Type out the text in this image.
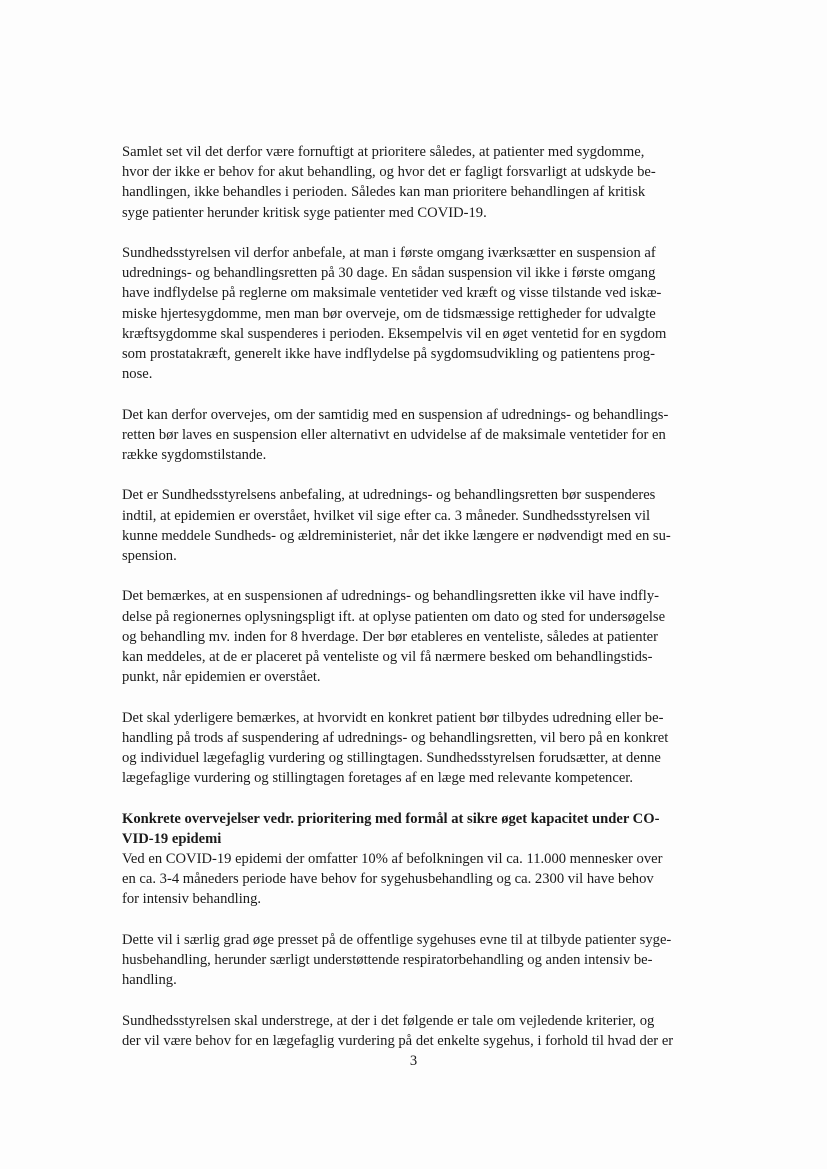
Samlet set vil det derfor være fornuftigt at prioritere således, at patienter med sygdomme,
hvor der ikke er behov for akut behandling, og hvor det er fagligt forsvarligt at udskyde be-
handlingen, ikke behandles i perioden. Således kan man prioritere behandlingen af kritisk
syge patienter herunder kritisk syge patienter med COVID-19.

Sundhedsstyrelsen vil derfor anbefale, at man i første omgang iværksætter en suspension af
udrednings- og behandlingsretten på 30 dage. En sådan suspension vil ikke i første omgang
have indflydelse på reglerne om maksimale ventetider ved kræft og visse tilstande ved iskæ-
miske hjertesygdomme, men man bør overveje, om de tidsmæssige rettigheder for udvalgte
kræftsygdomme skal suspenderes i perioden. Eksempelvis vil en øget ventetid for en sygdom
som prostatakræft, generelt ikke have indflydelse på sygdomsudvikling og patientens prog-
nose.

Det kan derfor overvejes, om der samtidig med en suspension af udrednings- og behandlings-
retten bør laves en suspension eller alternativt en udvidelse af de maksimale ventetider for en
række sygdomstilstande.

Det er Sundhedsstyrelsens anbefaling, at udrednings- og behandlingsretten bør suspenderes
indtil, at epidemien er overstået, hvilket vil sige efter ca. 3 måneder. Sundhedsstyrelsen vil
kunne meddele Sundheds- og ældreministeriet, når det ikke længere er nødvendigt med en su-
spension.

Det bemærkes, at en suspensionen af udrednings- og behandlingsretten ikke vil have indfly-
delse på regionernes oplysningspligt ift. at oplyse patienten om dato og sted for undersøgelse
og behandling mv. inden for 8 hverdage. Der bør etableres en venteliste, således at patienter
kan meddeles, at de er placeret på venteliste og vil få nærmere besked om behandlingstids-
punkt, når epidemien er overstået.

Det skal yderligere bemærkes, at hvorvidt en konkret patient bør tilbydes udredning eller be-
handling på trods af suspendering af udrednings- og behandlingsretten, vil bero på en konkret
og individuel lægefaglig vurdering og stillingtagen. Sundhedsstyrelsen forudsætter, at denne
lægefaglige vurdering og stillingtagen foretages af en læge med relevante kompetencer.

Konkrete overvejelser vedr. prioritering med formål at sikre øget kapacitet under CO-
VID-19 epidemi

Ved en COVID-19 epidemi der omfatter 10% af befolkningen vil ca. 11.000 mennesker over
en ca. 3-4 måneders periode have behov for sygehusbehandling og ca. 2300 vil have behov
for intensiv behandling.

Dette vil i særlig grad øge presset på de offentlige sygehuses evne til at tilbyde patienter syge-
husbehandling, herunder særligt understøttende respiratorbehandling og anden intensiv be-
handling.

Sundhedsstyrelsen skal understrege, at der i det følgende er tale om vejledende kriterier, og
der vil være behov for en lægefaglig vurdering på det enkelte sygehus, i forhold til hvad der er

3
